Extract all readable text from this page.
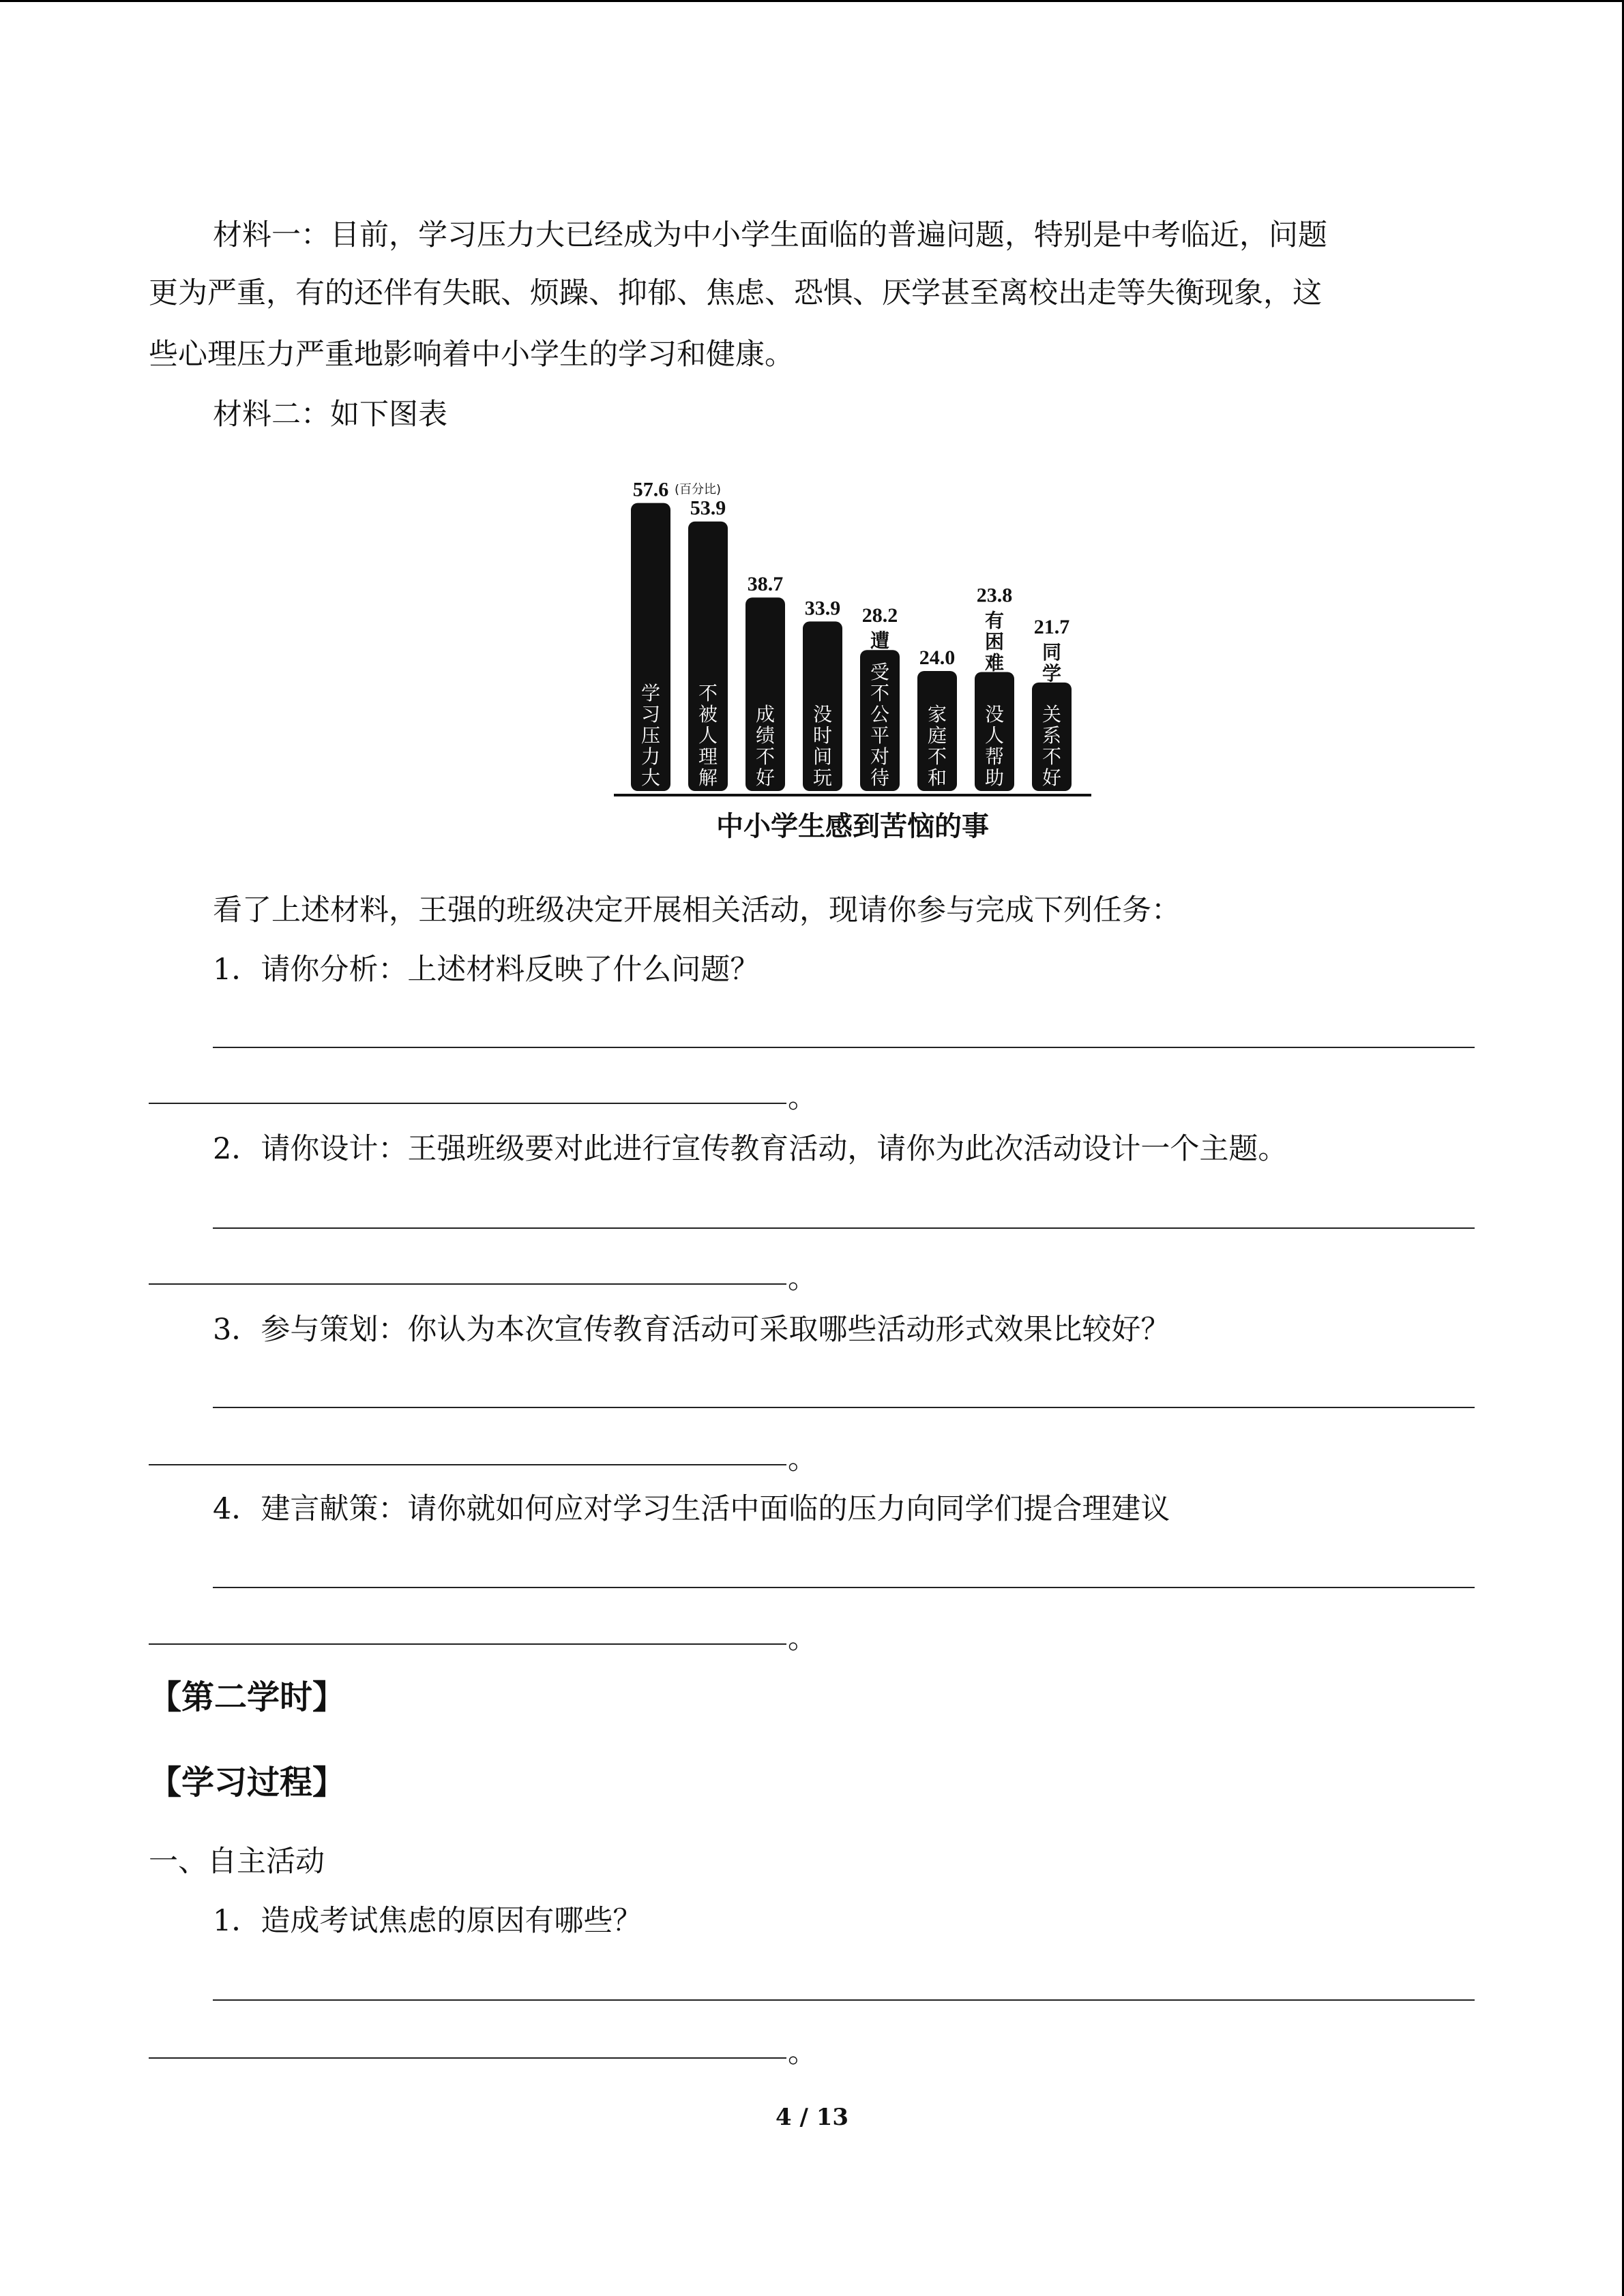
材料一：目前，学习压力大已经成为中小学生面临的普遍问题，特别是中考临近，问题
更为严重，有的还伴有失眠、烦躁、抑郁、焦虑、恐惧、厌学甚至离校出走等失衡现象，这
些心理压力严重地影响着中小学生的学习和健康。
材料二：如下图表
57.6
学习压力大
53.9
不被人理解
38.7
成绩不好
33.9
没时间玩
28.2
受不公平对待
遭
24.0
家庭不和
23.8
没人帮助
有困难
21.7
关系不好
同学
(百分比)
中小学生感到苦恼的事
看了上述材料，王强的班级决定开展相关活动，现请你参与完成下列任务：
1．请你分析：上述材料反映了什么问题？
。
2．请你设计：王强班级要对此进行宣传教育活动，请你为此次活动设计一个主题。
。
3．参与策划：你认为本次宣传教育活动可采取哪些活动形式效果比较好？
。
4．建言献策：请你就如何应对学习生活中面临的压力向同学们提合理建议
。
【第二学时】
【学习过程】
一、自主活动
1．造成考试焦虑的原因有哪些？
。
4 / 13
